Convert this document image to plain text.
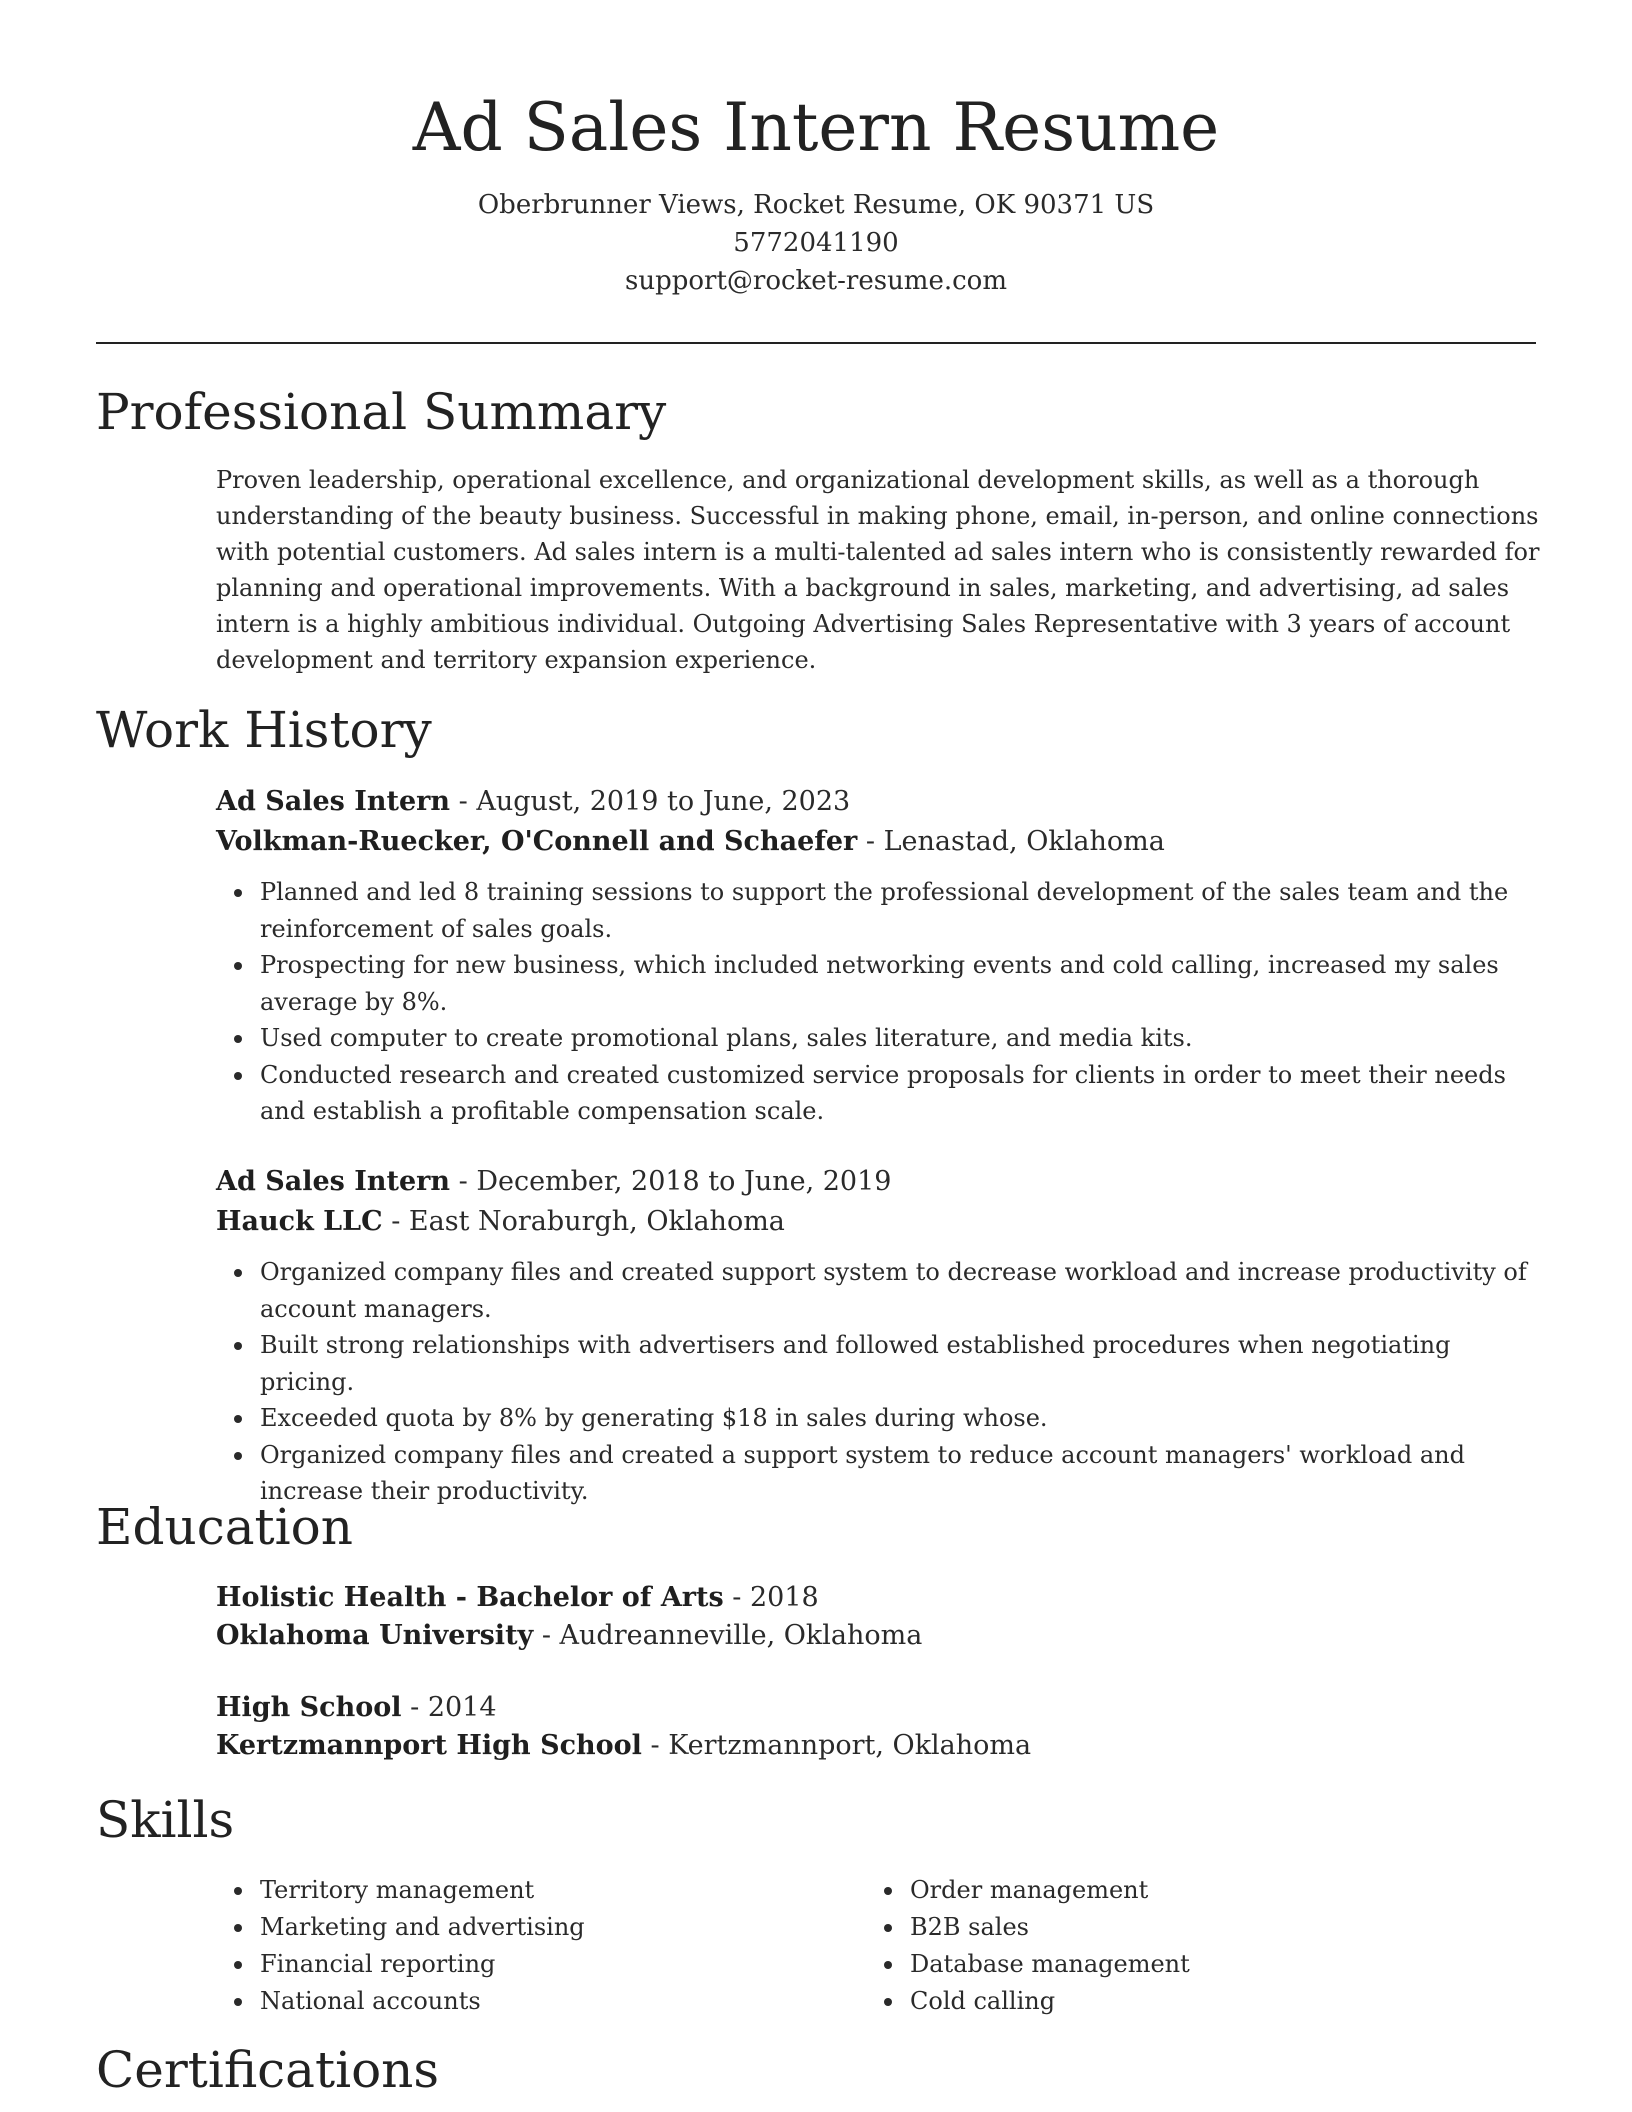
Ad Sales Intern Resume
Oberbrunner Views, Rocket Resume, OK 90371 US
5772041190
support@rocket-resume.com
Professional Summary

Proven leadership, operational excellence, and organizational development skills, as well as a thorough understanding of the beauty business. Successful in making phone, email, in-person, and online connections with potential customers. Ad sales intern is a multi-talented ad sales intern who is consistently rewarded for planning and operational improvements. With a background in sales, marketing, and advertising, ad sales intern is a highly ambitious individual. Outgoing Advertising Sales Representative with 3 years of account development and territory expansion experience.

Work History
Ad Sales Intern - August, 2019 to June, 2023
Volkman-Ruecker, O'Connell and Schaefer - Lenastad, Oklahoma
Planned and led 8 training sessions to support the professional development of the sales team and the reinforcement of sales goals.
Prospecting for new business, which included networking events and cold calling, increased my sales average by 8%.
Used computer to create promotional plans, sales literature, and media kits.
Conducted research and created customized service proposals for clients in order to meet their needs and establish a profitable compensation scale.
Ad Sales Intern - December, 2018 to June, 2019
Hauck LLC - East Noraburgh, Oklahoma
Organized company files and created support system to decrease workload and increase productivity of account managers.
Built strong relationships with advertisers and followed established procedures when negotiating pricing.
Exceeded quota by 8% by generating $18 in sales during whose.
Organized company files and created a support system to reduce account managers' workload and increase their productivity.
Education
Holistic Health - Bachelor of Arts - 2018
Oklahoma University - Audreanneville, Oklahoma
High School - 2014
Kertzmannport High School - Kertzmannport, Oklahoma
Skills
Territory management
Marketing and advertising
Financial reporting
National accounts
Order management
B2B sales
Database management
Cold calling
Certifications
